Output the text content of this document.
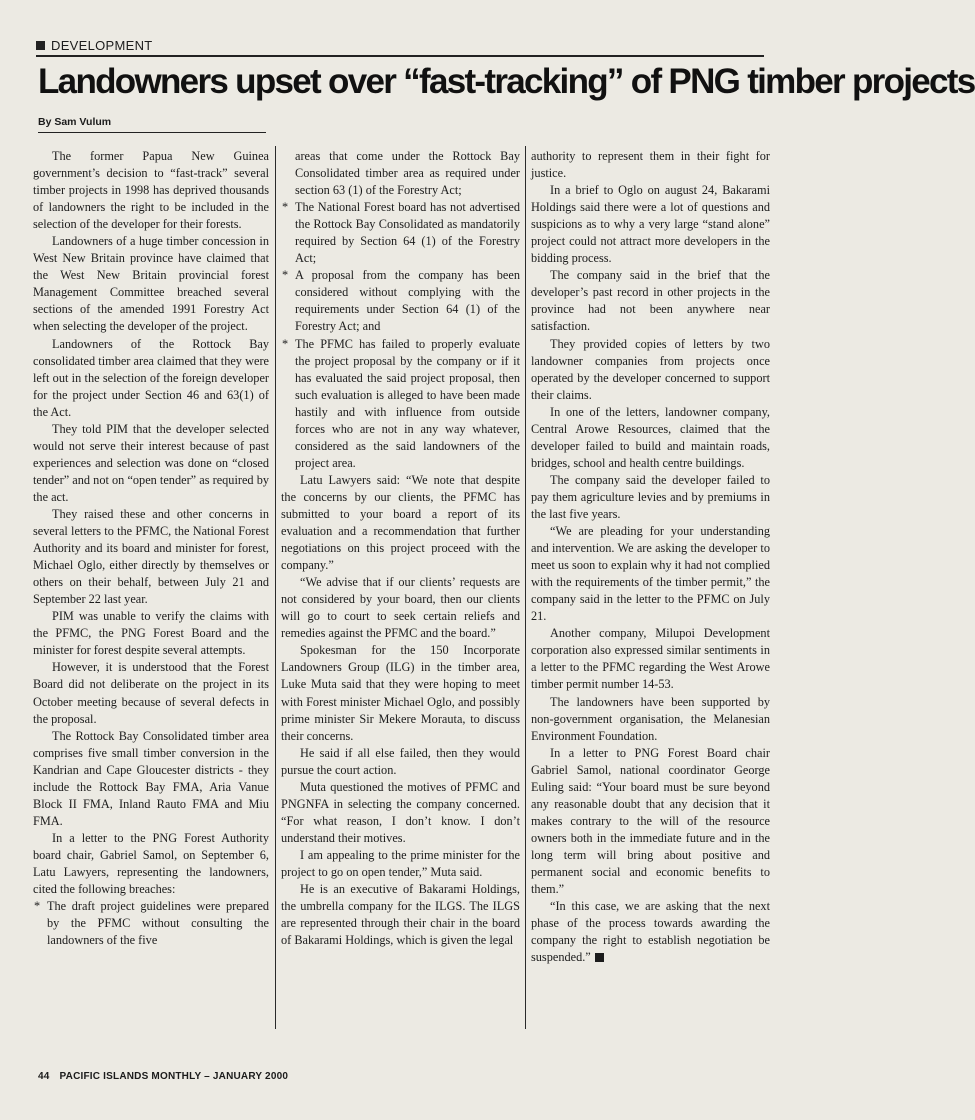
DEVELOPMENT
Landowners upset over “fast-tracking” of PNG timber projects
By Sam Vulum

The former Papua New Guinea government’s decision to “fast-track” several timber projects in 1998 has deprived thousands of landowners the right to be included in the selection of the developer for their forests.

Landowners of a huge timber concession in West New Britain province have claimed that the West New Britain provincial forest Management Committee breached several sections of the amended 1991 Forestry Act when selecting the developer of the project.

Landowners of the Rottock Bay consolidated timber area claimed that they were left out in the selection of the foreign developer for the project under Section 46 and 63(1) of the Act.

They told PIM that the developer selected would not serve their interest because of past experiences and selection was done on “closed tender” and not on “open tender” as required by the act.

They raised these and other concerns in several letters to the PFMC, the National Forest Authority and its board and minister for forest, Michael Oglo, either directly by themselves or others on their behalf, between July 21 and September 22 last year.

PIM was unable to verify the claims with the PFMC, the PNG Forest Board and the minister for forest despite several attempts.

However, it is understood that the Forest Board did not deliberate on the project in its October meeting because of several defects in the proposal.

The Rottock Bay Consolidated timber area comprises five small timber conversion in the Kandrian and Cape Gloucester districts - they include the Rottock Bay FMA, Aria Vanue Block II FMA, Inland Rauto FMA and Miu FMA.

In a letter to the PNG Forest Authority board chair, Gabriel Samol, on September 6, Latu Lawyers, representing the landowners, cited the following breaches:

* The draft project guidelines were prepared by the PFMC without consulting the landowners of the five

areas that come under the Rottock Bay Consolidated timber area as required under section 63 (1) of the Forestry Act;

* The National Forest board has not advertised the Rottock Bay Consolidated as mandatorily required by Section 64 (1) of the Forestry Act;

* A proposal from the company has been considered without complying with the requirements under Section 64 (1) of the Forestry Act; and

* The PFMC has failed to properly evaluate the project proposal by the company or if it has evaluated the said project proposal, then such evaluation is alleged to have been made hastily and with influence from outside forces who are not in any way whatever, considered as the said landowners of the project area.

Latu Lawyers said: “We note that despite the concerns by our clients, the PFMC has submitted to your board a report of its evaluation and a recommendation that further negotiations on this project proceed with the company.”

“We advise that if our clients’ requests are not considered by your board, then our clients will go to court to seek certain reliefs and remedies against the PFMC and the board.”

Spokesman for the 150 Incorporate Landowners Group (ILG) in the timber area, Luke Muta said that they were hoping to meet with Forest minister Michael Oglo, and possibly prime minister Sir Mekere Morauta, to discuss their concerns.

He said if all else failed, then they would pursue the court action.

Muta questioned the motives of PFMC and PNGNFA in selecting the company concerned. “For what reason, I don’t know. I don’t understand their motives.

I am appealing to the prime minister for the project to go on open tender,” Muta said.

He is an executive of Bakarami Holdings, the umbrella company for the ILGS. The ILGS are represented through their chair in the board of Bakarami Holdings, which is given the legal

authority to represent them in their fight for justice.

In a brief to Oglo on august 24, Bakarami Holdings said there were a lot of questions and suspicions as to why a very large “stand alone” project could not attract more developers in the bidding process.

The company said in the brief that the developer’s past record in other projects in the province had not been anywhere near satisfaction.

They provided copies of letters by two landowner companies from projects once operated by the developer concerned to support their claims.

In one of the letters, landowner company, Central Arowe Resources, claimed that the developer failed to build and maintain roads, bridges, school and health centre buildings.

The company said the developer failed to pay them agriculture levies and by premiums in the last five years.

“We are pleading for your understanding and intervention. We are asking the developer to meet us soon to explain why it had not complied with the requirements of the timber permit,” the company said in the letter to the PFMC on July 21.

Another company, Milupoi Development corporation also expressed similar sentiments in a letter to the PFMC regarding the West Arowe timber permit number 14-53.

The landowners have been supported by non-government organisation, the Melanesian Environment Foundation.

In a letter to PNG Forest Board chair Gabriel Samol, national coordinator George Euling said: “Your board must be sure beyond any reasonable doubt that any decision that it makes contrary to the will of the resource owners both in the immediate future and in the long term will bring about positive and permanent social and economic benefits to them.”

“In this case, we are asking that the next phase of the process towards awarding the company the right to establish negotiation be suspended.”

44 PACIFIC ISLANDS MONTHLY – JANUARY 2000
